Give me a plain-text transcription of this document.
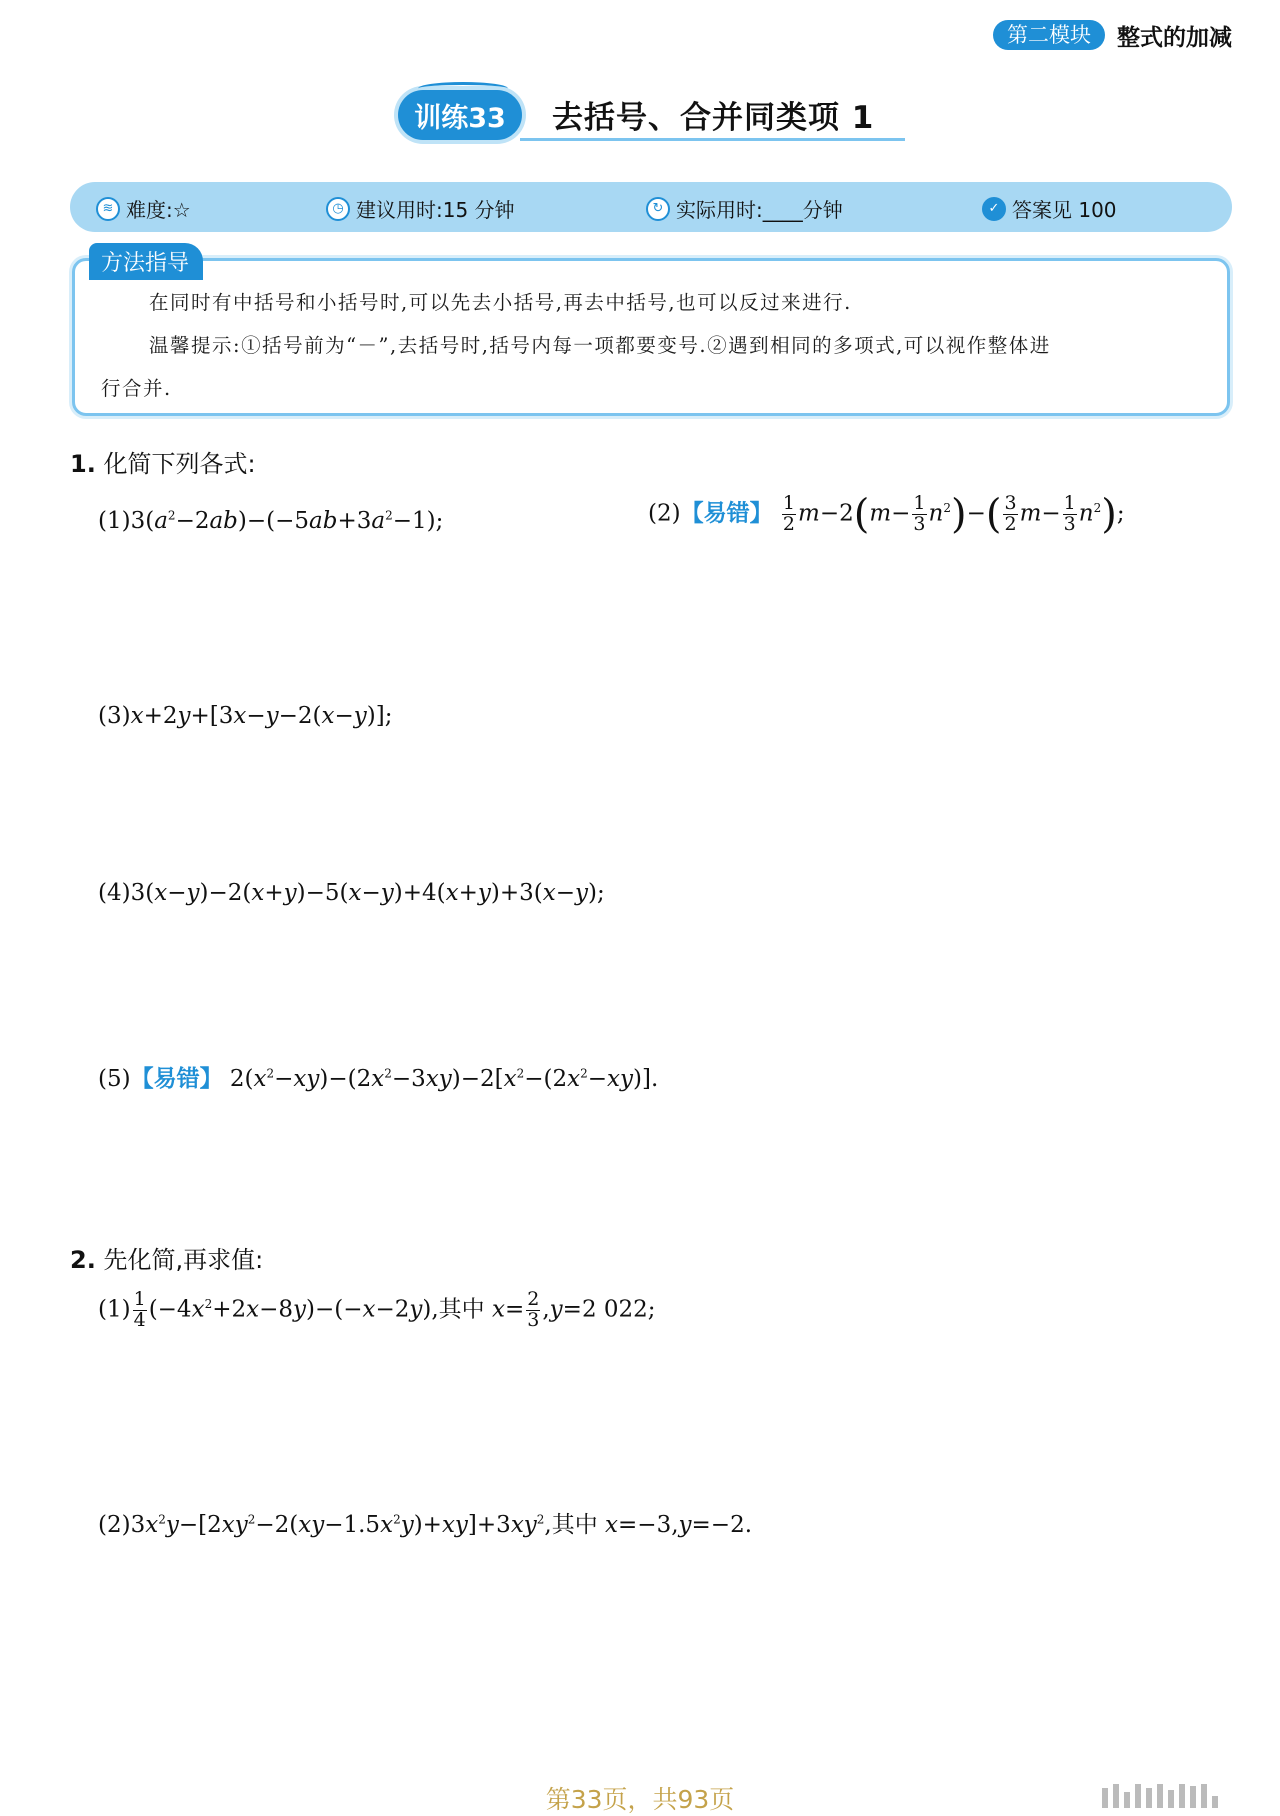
第二模块	整式的加减
训练33 去括号、合并同类项 1
≋ 难度:☆	◷ 建议用时:15 分钟	↻ 实际用时:____分钟	✓ 答案见 100
方法指导

在同时有中括号和小括号时,可以先去小括号,再去中括号,也可以反过来进行.

温馨提示:①括号前为“－”,去括号时,括号内每一项都要变号.②遇到相同的多项式,可以视作整体进

行合并.

1. 化简下列各式:
$(1)3(a^2-2ab)-(-5ab+3a^2-1)$;	(2)【易错】 $\frac{1}{2} m-2(m- \frac{1}{3} n^2)-( \frac{3}{2} m- \frac{1}{3} n^2)$;
(3)x+2y+[3x−y−2(x−y)];
(4)3(x−y)−2(x+y)−5(x−y)+4(x+y)+3(x−y);
(5)【易错】 $2(x^2-xy)-(2x^2-3xy)-2[x^2-(2x^2-xy)]$.
2. 先化简,再求值:
$(1) \frac{1}{4} (-4x^2+2x-8y)-(-x-2y)$,其中 $x= \frac{2}{3} ,y=2$ 022;
$(2)3x^2y-[2xy^2-2(xy-1.5x^2y)+xy]+3xy^2$,其中 x=−3,y=−2.
第33页，共93页
